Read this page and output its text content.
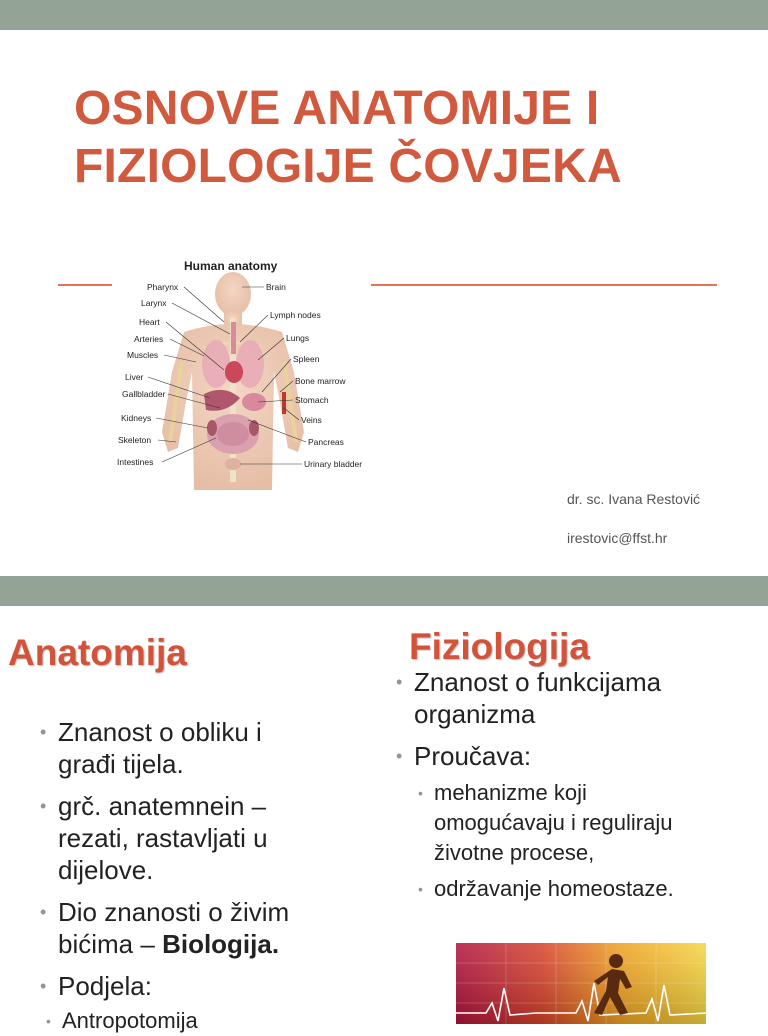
OSNOVE ANATOMIJE I
FIZIOLOGIJE ČOVJEKA
Human anatomy
Pharynx
Larynx
Heart
Arteries
Muscles
Liver
Gallbladder
Kidneys
Skeleton
Intestines
Brain
Lymph nodes
Lungs
Spleen
Bone marrow
Stomach
Veins
Pancreas
Urinary bladder
dr. sc. Ivana Restović
irestovic@ffst.hr
Anatomija	Fiziologija
• Znanost o obliku i
građi tijela.
• grč. anatemnein –
rezati, rastavljati u
dijelove.
• Dio znanosti o živim
bićima – Biologija.
• Podjela:
• Antropotomija
• Znanost o funkcijama
organizma
• Proučava:
• mehanizme koji
omogućavaju i reguliraju
životne procese,
• održavanje homeostaze.
